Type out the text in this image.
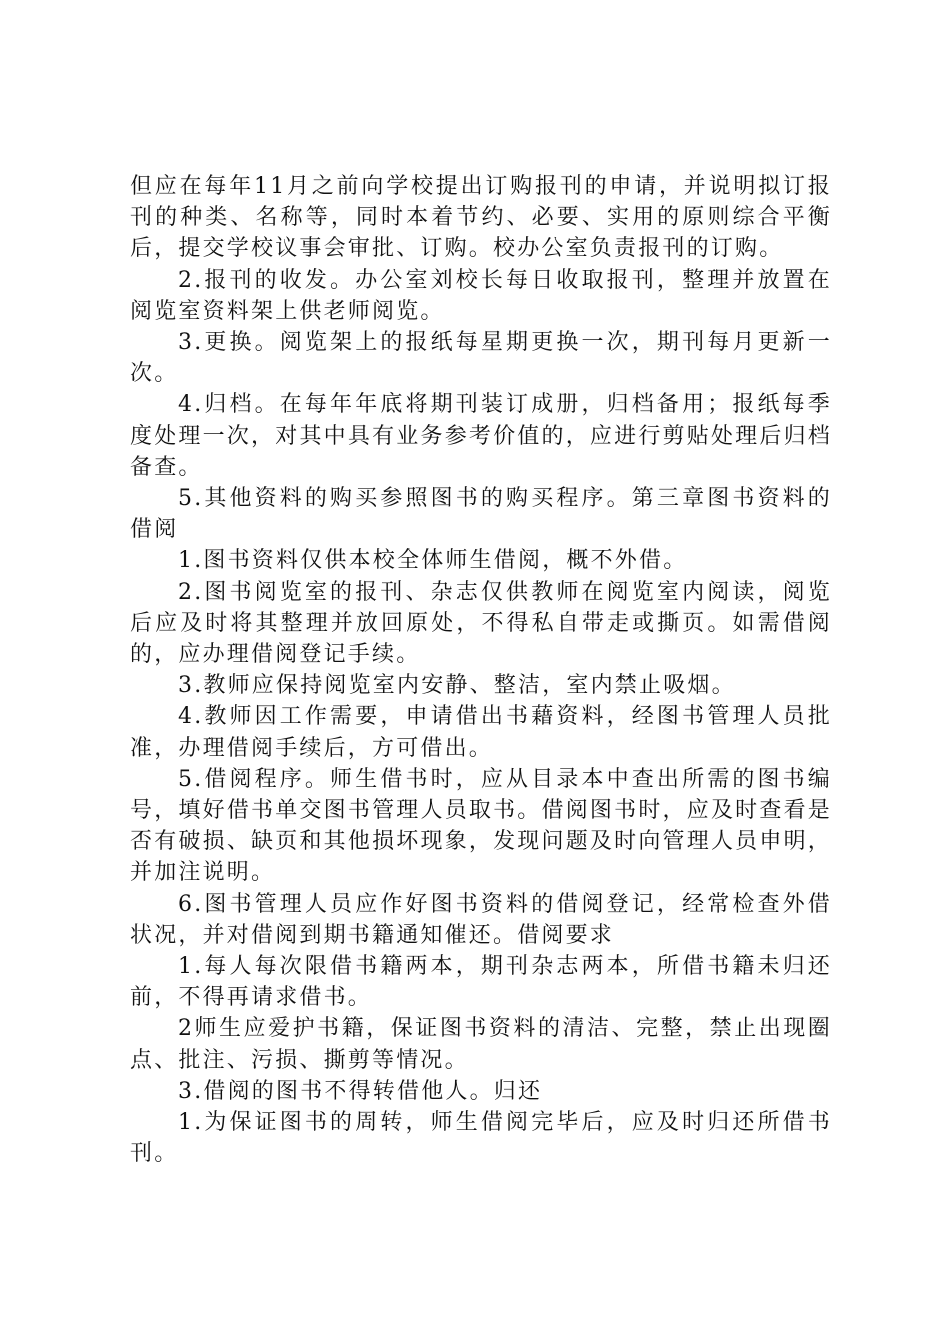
但应在每年11月之前向学校提出订购报刊的申请，并说明拟订报刊的种类、名称等，同时本着节约、必要、实用的原则综合平衡后，提交学校议事会审批、订购。校办公室负责报刊的订购。

2.报刊的收发。办公室刘校长每日收取报刊，整理并放置在阅览室资料架上供老师阅览。

3.更换。阅览架上的报纸每星期更换一次，期刊每月更新一次。

4.归档。在每年年底将期刊装订成册，归档备用；报纸每季度处理一次，对其中具有业务参考价值的，应进行剪贴处理后归档备查。

5.其他资料的购买参照图书的购买程序。第三章图书资料的借阅

1.图书资料仅供本校全体师生借阅，概不外借。

2.图书阅览室的报刊、杂志仅供教师在阅览室内阅读，阅览后应及时将其整理并放回原处，不得私自带走或撕页。如需借阅的，应办理借阅登记手续。

3.教师应保持阅览室内安静、整洁，室内禁止吸烟。

4.教师因工作需要，申请借出书藉资料，经图书管理人员批准，办理借阅手续后，方可借出。

5.借阅程序。师生借书时，应从目录本中查出所需的图书编号，填好借书单交图书管理人员取书。借阅图书时，应及时查看是否有破损、缺页和其他损坏现象，发现问题及时向管理人员申明，并加注说明。

6.图书管理人员应作好图书资料的借阅登记，经常检查外借状况，并对借阅到期书籍通知催还。借阅要求

1.每人每次限借书籍两本，期刊杂志两本，所借书籍未归还前，不得再请求借书。

2师生应爱护书籍，保证图书资料的清洁、完整，禁止出现圈点、批注、污损、撕剪等情况。

3.借阅的图书不得转借他人。归还

1.为保证图书的周转，师生借阅完毕后，应及时归还所借书刊。
